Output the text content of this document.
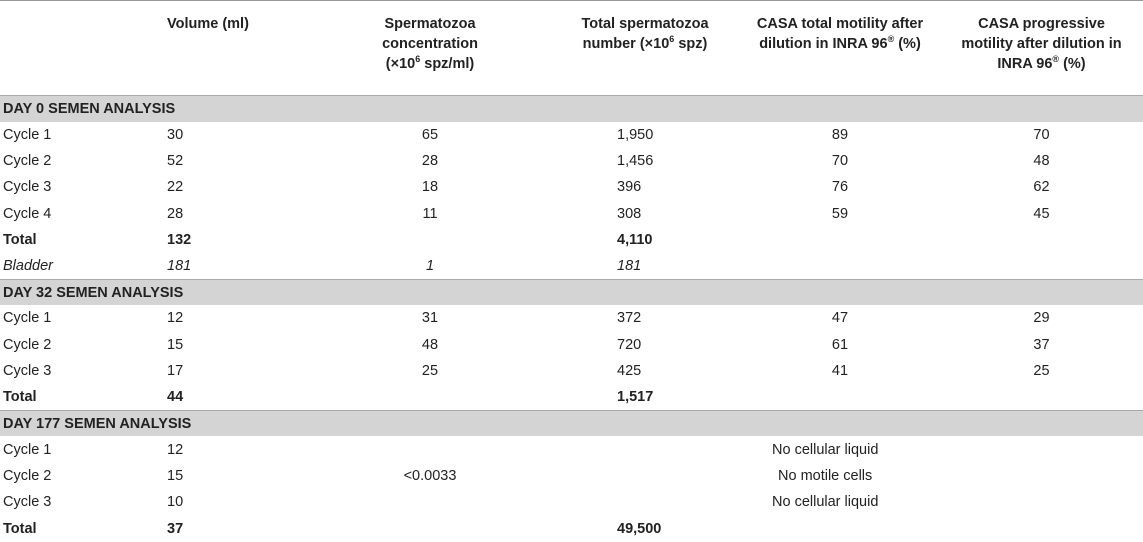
	Volume (ml)	Spermatozoa
concentration
($\times 10^6$ spz/ml)	Total spermatozoa
number ($\times 10^6$ spz)	CASA total motility after
dilution in INRA 96® (%)	CASA progressive
motility after dilution in
INRA 96® (%)
DAY 0 SEMEN ANALYSIS					
Cycle 1	30	65	1,950	89	70
Cycle 2	52	28	1,456	70	48
Cycle 3	22	18	396	76	62
Cycle 4	28	11	308	59	45
Total	132		4,110		
Bladder	181	1	181		
DAY 32 SEMEN ANALYSIS					
Cycle 1	12	31	372	47	29
Cycle 2	15	48	720	61	37
Cycle 3	17	25	425	41	25
Total	44		1,517		
DAY 177 SEMEN ANALYSIS					
Cycle 1	12			No cellular liquid	
Cycle 2	15	<0.0033		No motile cells	
Cycle 3	10			No cellular liquid	
Total	37		49,500		
